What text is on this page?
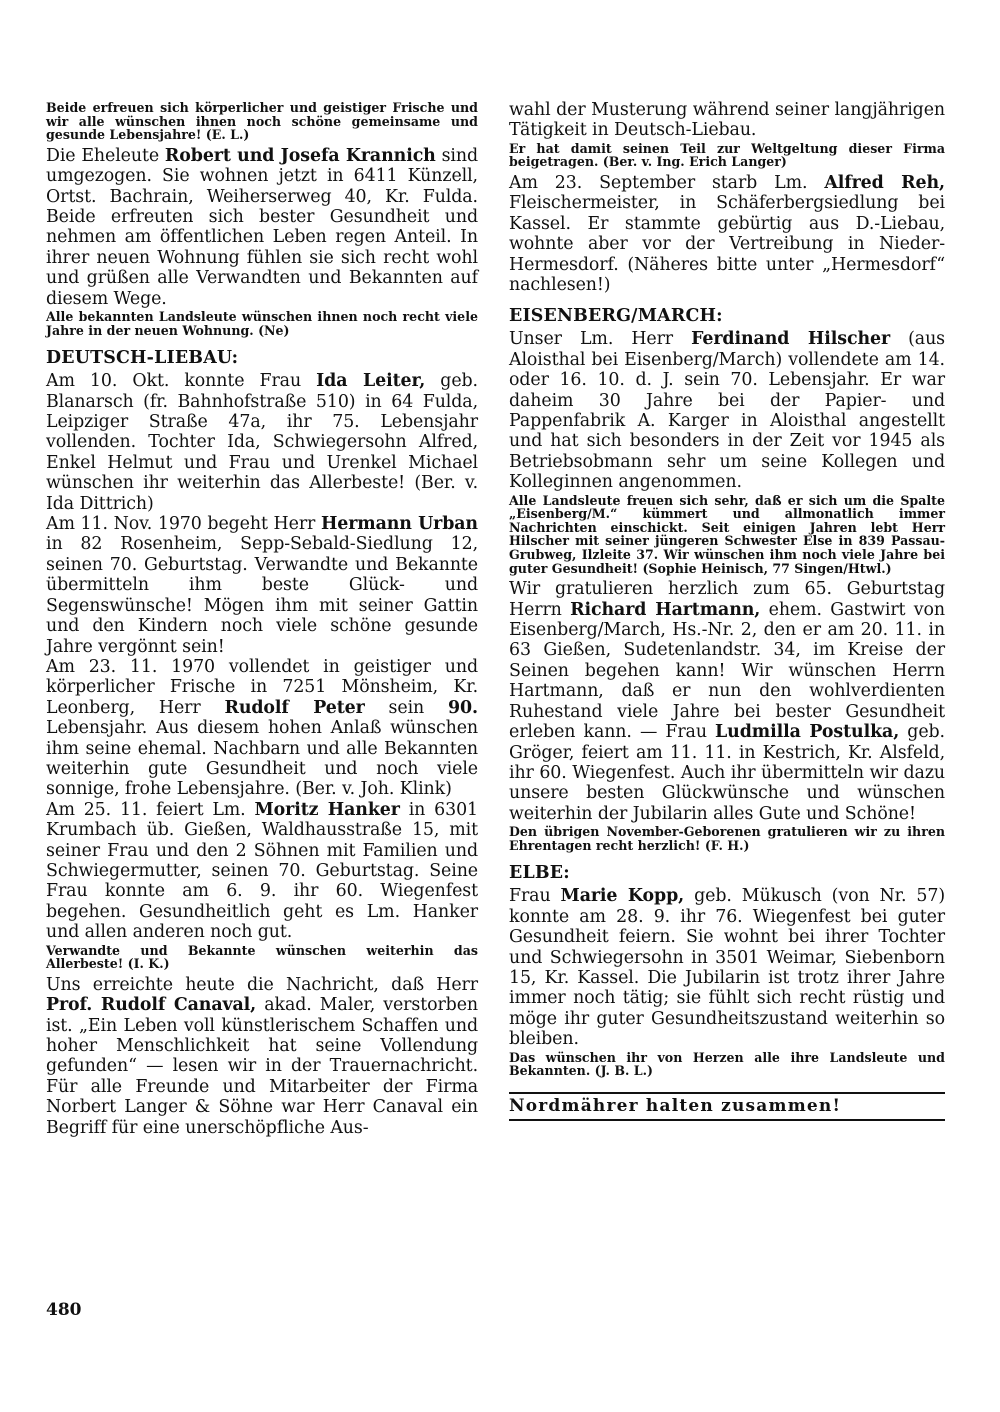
Beide erfreuen sich körperlicher und geistiger Frische und wir alle wünschen ihnen noch schöne gemeinsame und gesunde Lebensjahre! (E. L.)

Die Eheleute Robert und Josefa Krannich sind umgezogen. Sie wohnen jetzt in 6411 Künzell, Ortst. Bachrain, Weiherserweg 40, Kr. Fulda. Beide erfreuten sich bester Gesundheit und nehmen am öffentlichen Leben regen Anteil. In ihrer neuen Wohnung fühlen sie sich recht wohl und grüßen alle Verwandten und Bekannten auf diesem Wege.

Alle bekannten Landsleute wünschen ihnen noch recht viele Jahre in der neuen Wohnung. (Ne)

DEUTSCH-LIEBAU:

Am 10. Okt. konnte Frau Ida Leiter, geb. Blanarsch (fr. Bahnhofstraße 510) in 64 Fulda, Leipziger Straße 47a, ihr 75. Lebensjahr vollenden. Tochter Ida, Schwiegersohn Alfred, Enkel Helmut und Frau und Urenkel Michael wünschen ihr weiterhin das Allerbeste! (Ber. v. Ida Dittrich)

Am 11. Nov. 1970 begeht Herr Hermann Urban in 82 Rosenheim, Sepp-Sebald-Siedlung 12, seinen 70. Geburtstag. Verwandte und Bekannte übermitteln ihm beste Glück- und Segenswünsche! Mögen ihm mit seiner Gattin und den Kindern noch viele schöne gesunde Jahre vergönnt sein!

Am 23. 11. 1970 vollendet in geistiger und körperlicher Frische in 7251 Mönsheim, Kr. Leonberg, Herr Rudolf Peter sein 90. Lebensjahr. Aus diesem hohen Anlaß wünschen ihm seine ehemal. Nachbarn und alle Bekannten weiterhin gute Gesundheit und noch viele sonnige, frohe Lebensjahre. (Ber. v. Joh. Klink)

Am 25. 11. feiert Lm. Moritz Hanker in 6301 Krumbach üb. Gießen, Waldhausstraße 15, mit seiner Frau und den 2 Söhnen mit Familien und Schwiegermutter, seinen 70. Geburtstag. Seine Frau konnte am 6. 9. ihr 60. Wiegenfest begehen. Gesundheitlich geht es Lm. Hanker und allen anderen noch gut.

Verwandte und Bekannte wünschen weiterhin das Allerbeste! (I. K.)

Uns erreichte heute die Nachricht, daß Herr Prof. Rudolf Canaval, akad. Maler, verstorben ist. „Ein Leben voll künstlerischem Schaffen und hoher Menschlichkeit hat seine Vollendung gefunden“ — lesen wir in der Trauernachricht. Für alle Freunde und Mitarbeiter der Firma Norbert Langer & Söhne war Herr Canaval ein Begriff für eine unerschöpfliche Aus-

480

wahl der Musterung während seiner langjährigen Tätigkeit in Deutsch-Liebau.

Er hat damit seinen Teil zur Weltgeltung dieser Firma beigetragen. (Ber. v. Ing. Erich Langer)

Am 23. September starb Lm. Alfred Reh, Fleischermeister, in Schäferbergsiedlung bei Kassel. Er stammte gebürtig aus D.-Liebau, wohnte aber vor der Vertreibung in Nieder-Hermesdorf. (Näheres bitte unter „Hermesdorf“ nachlesen!)

EISENBERG/MARCH:

Unser Lm. Herr Ferdinand Hilscher (aus Aloisthal bei Eisenberg/March) vollendete am 14. oder 16. 10. d. J. sein 70. Lebensjahr. Er war daheim 30 Jahre bei der Papier- und Pappenfabrik A. Karger in Aloisthal angestellt und hat sich besonders in der Zeit vor 1945 als Betriebsobmann sehr um seine Kollegen und Kolleginnen angenommen.

Alle Landsleute freuen sich sehr, daß er sich um die Spalte „Eisenberg/M.“ kümmert und allmonatlich immer Nachrichten einschickt. Seit einigen Jahren lebt Herr Hilscher mit seiner jüngeren Schwester Else in 839 Passau-Grubweg, Ilzleite 37. Wir wünschen ihm noch viele Jahre bei guter Gesundheit! (Sophie Heinisch, 77 Singen/Htwl.)

Wir gratulieren herzlich zum 65. Geburtstag Herrn Richard Hartmann, ehem. Gastwirt von Eisenberg/March, Hs.-Nr. 2, den er am 20. 11. in 63 Gießen, Sudetenlandstr. 34, im Kreise der Seinen begehen kann! Wir wünschen Herrn Hartmann, daß er nun den wohlverdienten Ruhestand viele Jahre bei bester Gesundheit erleben kann. — Frau Ludmilla Postulka, geb. Gröger, feiert am 11. 11. in Kestrich, Kr. Alsfeld, ihr 60. Wiegenfest. Auch ihr übermitteln wir dazu unsere besten Glückwünsche und wünschen weiterhin der Jubilarin alles Gute und Schöne!

Den übrigen November-Geborenen gratulieren wir zu ihren Ehrentagen recht herzlich! (F. H.)

ELBE:

Frau Marie Kopp, geb. Mükusch (von Nr. 57) konnte am 28. 9. ihr 76. Wiegenfest bei guter Gesundheit feiern. Sie wohnt bei ihrer Tochter und Schwiegersohn in 3501 Weimar, Siebenborn 15, Kr. Kassel. Die Jubilarin ist trotz ihrer Jahre immer noch tätig; sie fühlt sich recht rüstig und möge ihr guter Gesundheitszustand weiterhin so bleiben.

Das wünschen ihr von Herzen alle ihre Landsleute und Bekannten. (J. B. L.)

Nordmährer halten zusammen!
